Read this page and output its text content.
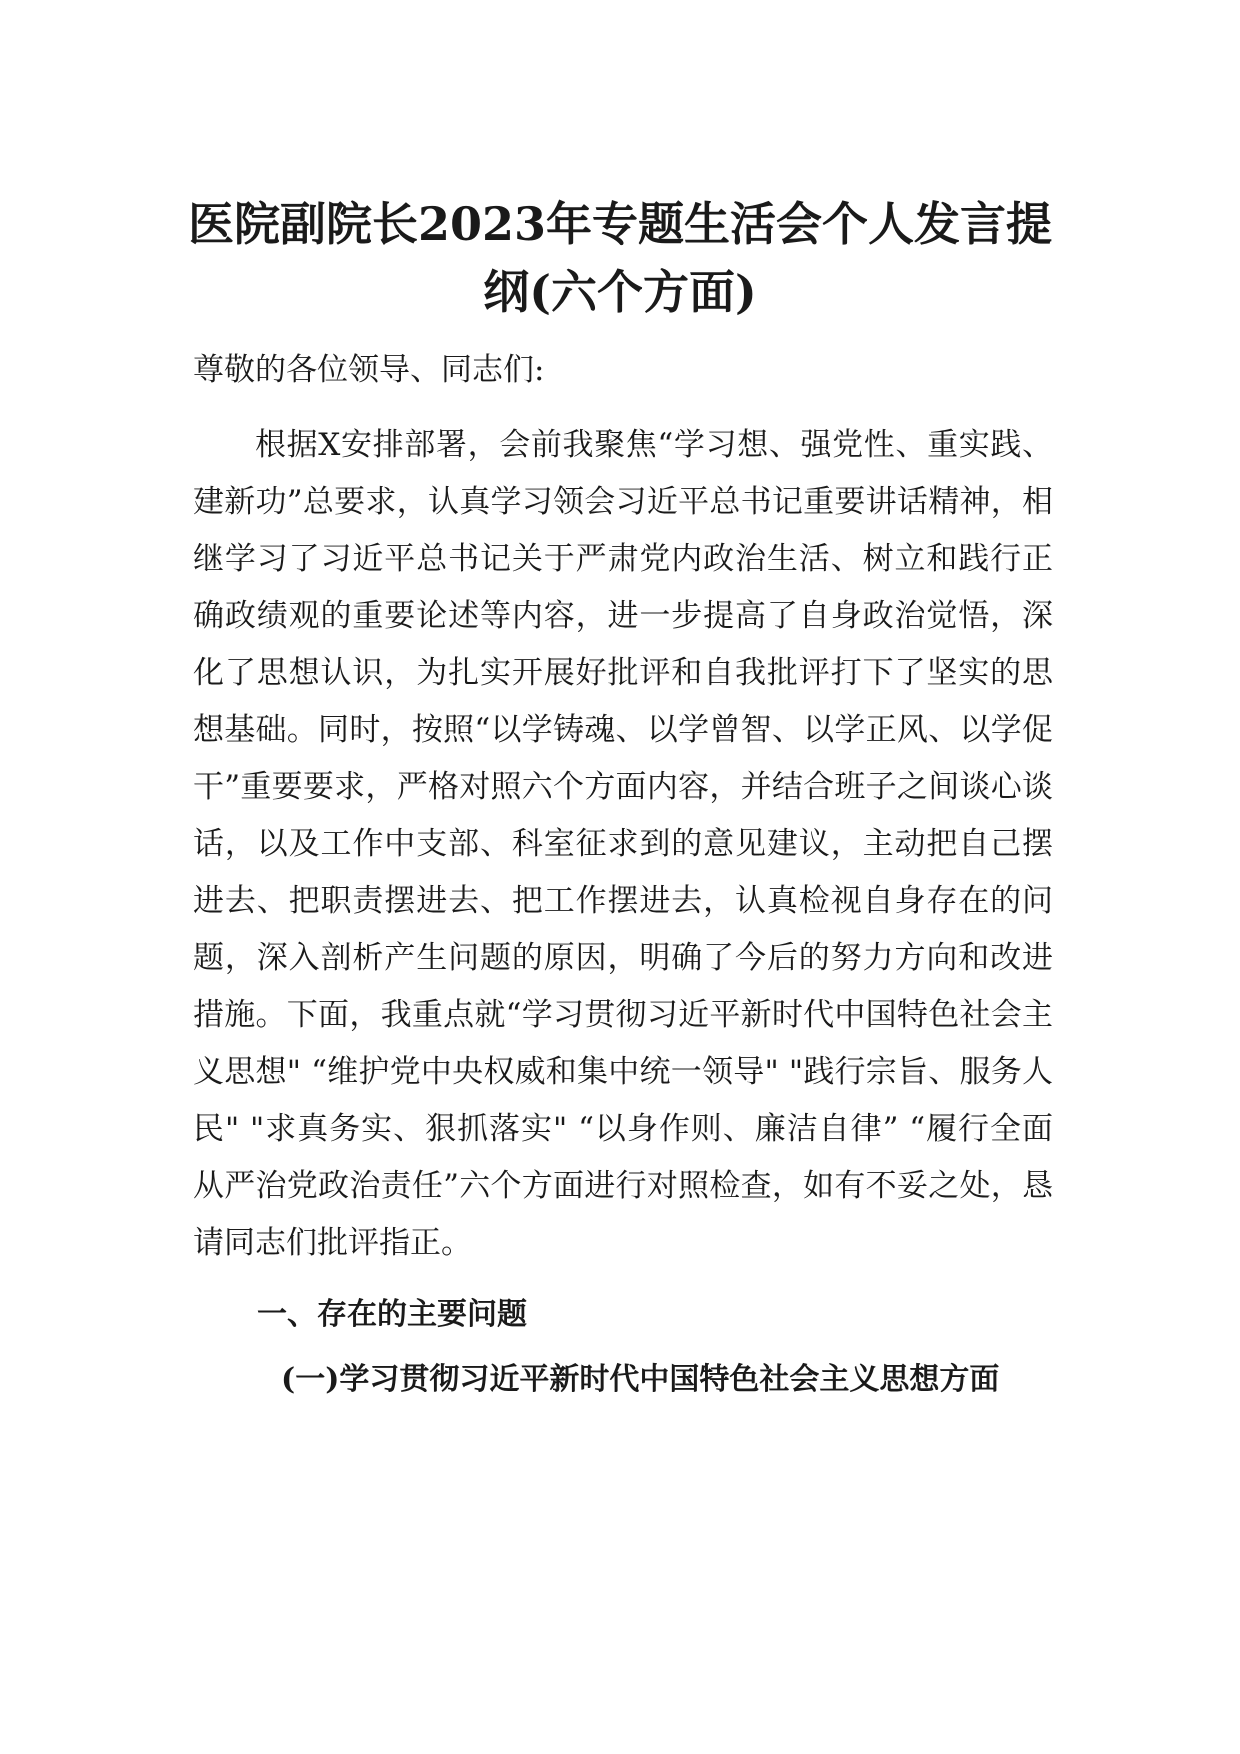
医院副院长2023年专题生活会个人发言提纲(六个方面)

尊敬的各位领导、同志们:

根据X安排部署，会前我聚焦“学习想、强党性、重实践、建新功”总要求，认真学习领会习近平总书记重要讲话精神，相继学习了习近平总书记关于严肃党内政治生活、树立和践行正确政绩观的重要论述等内容，进一步提高了自身政治觉悟，深化了思想认识，为扎实开展好批评和自我批评打下了坚实的思想基础。同时，按照“以学铸魂、以学曾智、以学正风、以学促干”重要要求，严格对照六个方面内容，并结合班子之间谈心谈话，以及工作中支部、科室征求到的意见建议，主动把自己摆进去、把职责摆进去、把工作摆进去，认真检视自身存在的问题，深入剖析产生问题的原因，明确了今后的努力方向和改进措施。下面，我重点就“学习贯彻习近平新时代中国特色社会主义思想" “维护党中央权威和集中统一领导" "践行宗旨、服务人民" "求真务实、狠抓落实" “以身作则、廉洁自律” “履行全面从严治党政治责任”六个方面进行对照检查，如有不妥之处，恳请同志们批评指正。

一、存在的主要问题

(一)学习贯彻习近平新时代中国特色社会主义思想方面
